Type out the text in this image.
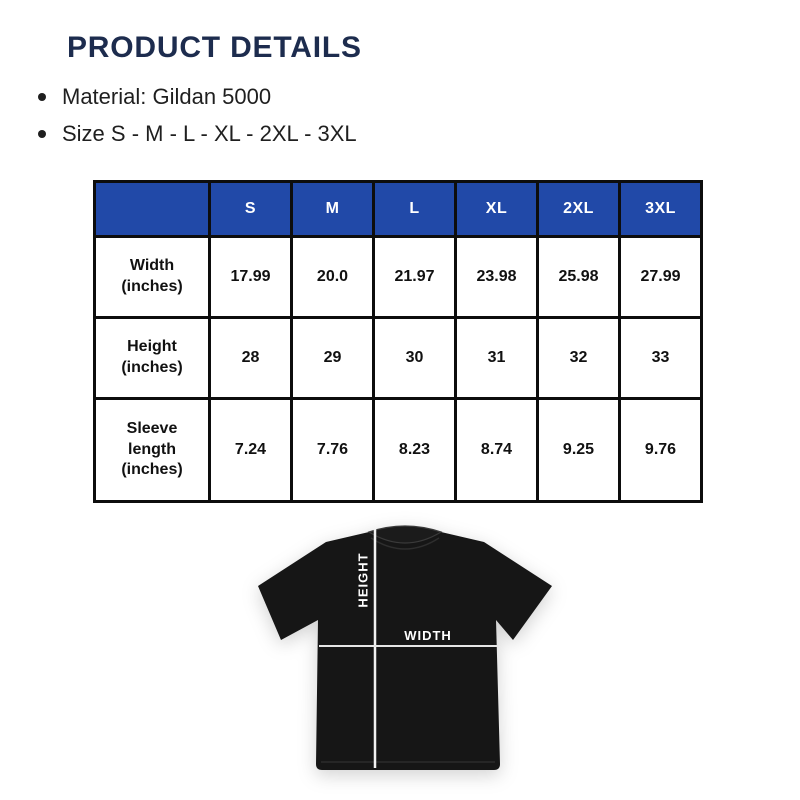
PRODUCT DETAILS
Material: Gildan 5000
Size S - M - L - XL - 2XL - 3XL
	S	M	L	XL	2XL	3XL
Width (inches)	17.99	20.0	21.97	23.98	25.98	27.99
Height (inches)	28	29	30	31	32	33
Sleeve length (inches)	7.24	7.76	8.23	8.74	9.25	9.76
HEIGHT
WIDTH
